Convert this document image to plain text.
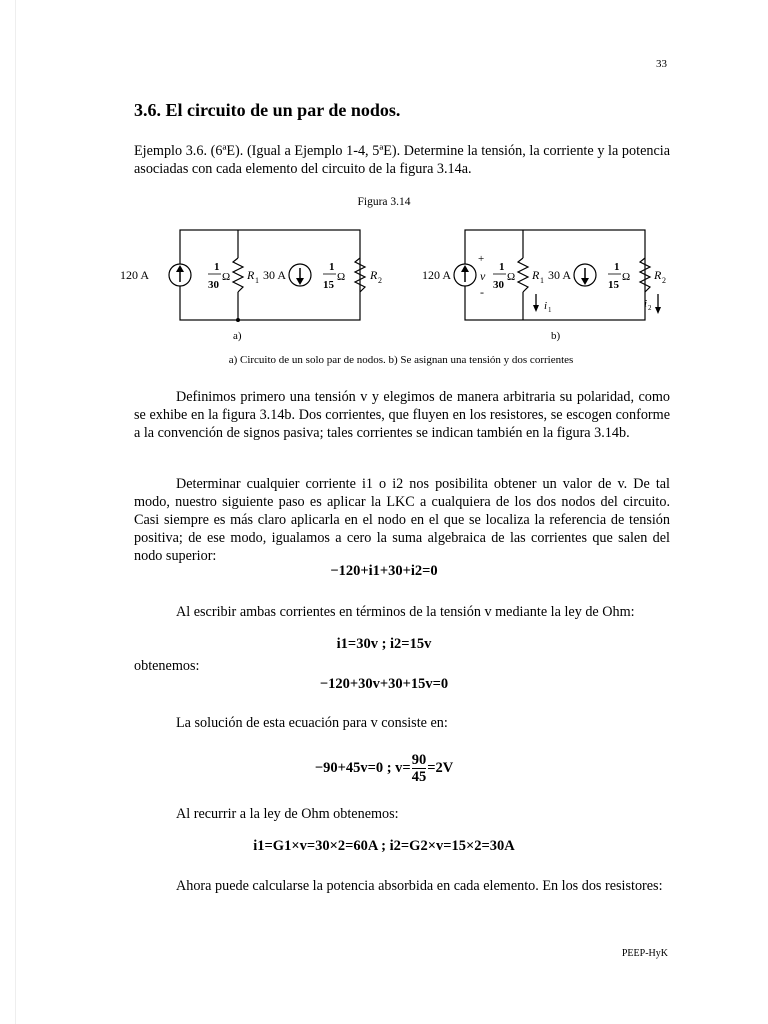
33
3.6. El circuito de un par de nodos.
Ejemplo 3.6. (6ªE). (Igual a Ejemplo 1-4, 5ªE). Determine la tensión, la corriente y la potencia asociadas con cada elemento del circuito de la figura 3.14a.
Figura 3.14
120 A
1
30
Ω R 1 30 A
1
15
Ω R 2
a)
120 A
+
v
-
1
30
Ω R 1 30 A
1
15
Ω R 2
i 1	i 2
b)
a) Circuito de un solo par de nodos. b) Se asignan una tensión y dos corrientes
Definimos primero una tensión v y elegimos de manera arbitraria su polaridad, como se exhibe en la figura 3.14b. Dos corrientes, que fluyen en los resistores, se escogen conforme a la convención de signos pasiva; tales corrientes se indican también en la figura 3.14b.
Determinar cualquier corriente i1 o i2 nos posibilita obtener un valor de v. De tal modo, nuestro siguiente paso es aplicar la LKC a cualquiera de los dos nodos del circuito. Casi siempre es más claro aplicarla en el nodo en el que se localiza la referencia de tensión positiva; de ese modo, igualamos a cero la suma algebraica de las corrientes que salen del nodo superior:
−120+i1+30+i2=0
Al escribir ambas corrientes en términos de la tensión v mediante la ley de Ohm:
i1=30v ; i2=15v
obtenemos:
−120+30v+30+15v=0
La solución de esta ecuación para v consiste en:
−90+45v=0 ; $v= \frac{90}{45} =2V$
Al recurrir a la ley de Ohm obtenemos:
i1=G1×v=30×2=60A ; i2=G2×v=15×2=30A
Ahora puede calcularse la potencia absorbida en cada elemento. En los dos resistores:
PEEP-HyK
